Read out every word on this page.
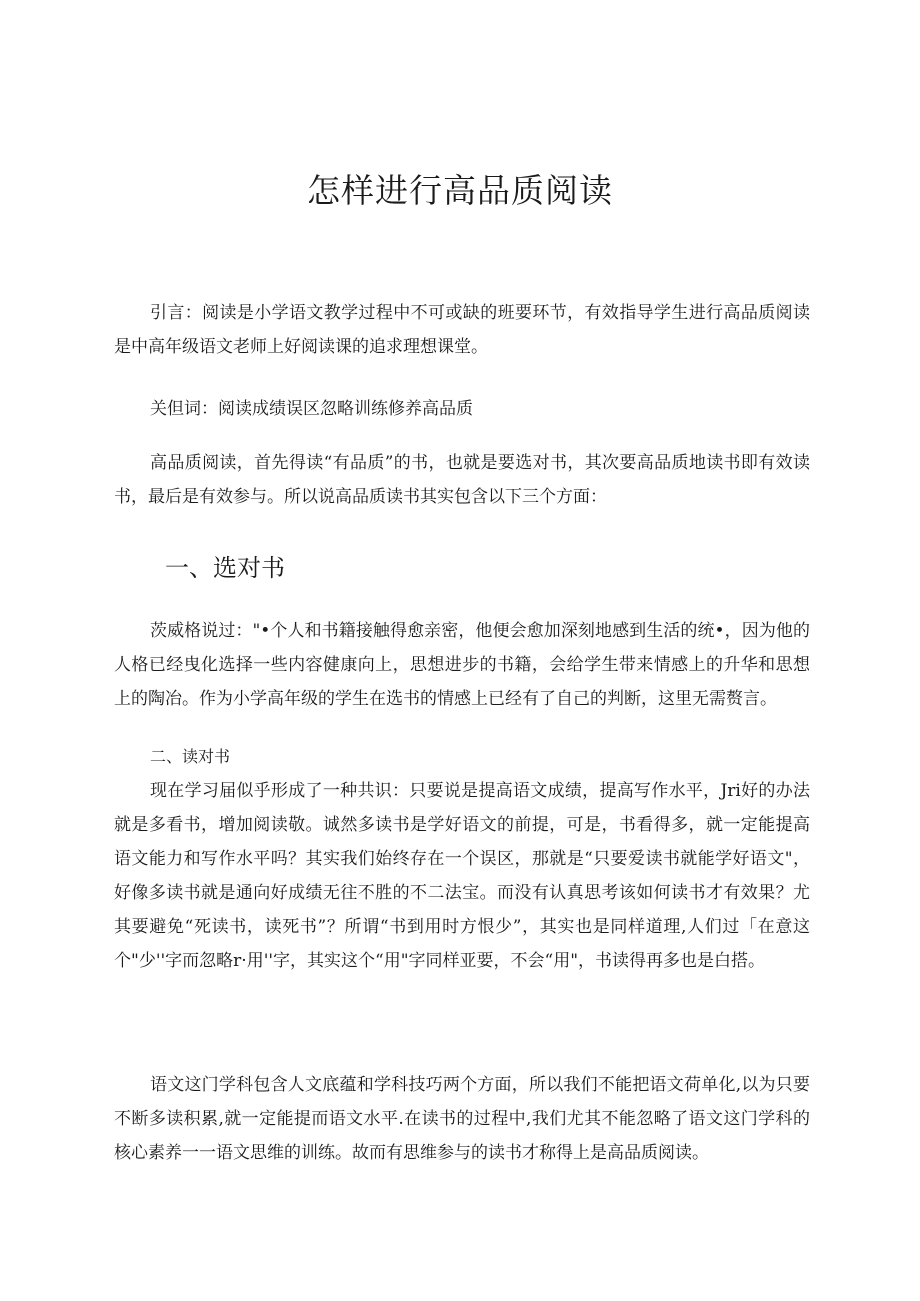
怎样进行高品质阅读

引言：阅读是小学语文教学过程中不可或缺的班要环节，有效指导学生进行高品质阅读是中高年级语文老师上好阅读课的追求理想课堂。

关但词：阅读成绩误区忽略训练修养高品质

高品质阅读，首先得读“有品质”的书，也就是要选对书，其次要高品质地读书即有效读书，最后是有效参与。所以说高品质读书其实包含以下三个方面：

一、选对书

茨威格说过："•个人和书籍接触得愈亲密，他便会愈加深刻地感到生活的统•，因为他的人格已经曳化选择一些内容健康向上，思想进步的书籍，会给学生带来情感上的升华和思想上的陶冶。作为小学高年级的学生在选书的情感上已经有了自己的判断，这里无需赘言。

二、读对书

现在学习届似乎形成了一种共识：只要说是提高语文成绩，提高写作水平，Jri好的办法就是多看书，增加阅读敬。诚然多读书是学好语文的前提，可是，书看得多，就一定能提高语文能力和写作水平吗？其实我们始终存在一个误区，那就是“只要爱读书就能学好语文"，好像多读书就是通向好成绩无往不胜的不二法宝。而没有认真思考该如何读书才有效果？尤其要避免“死读书，读死书”？所谓“书到用时方恨少”，其实也是同样道理,人们过「在意这个"少''字而忽略r·用''字，其实这个“用"字同样亚要，不会“用"，书读得再多也是白搭。

语文这门学科包含人文底蕴和学科技巧两个方面，所以我们不能把语文荷单化,以为只要不断多读积累,就一定能提而语文水平.在读书的过程中,我们尤其不能忽略了语文这门学科的核心素养一一语文思维的训练。故而有思维参与的读书才称得上是高品质阅读。
